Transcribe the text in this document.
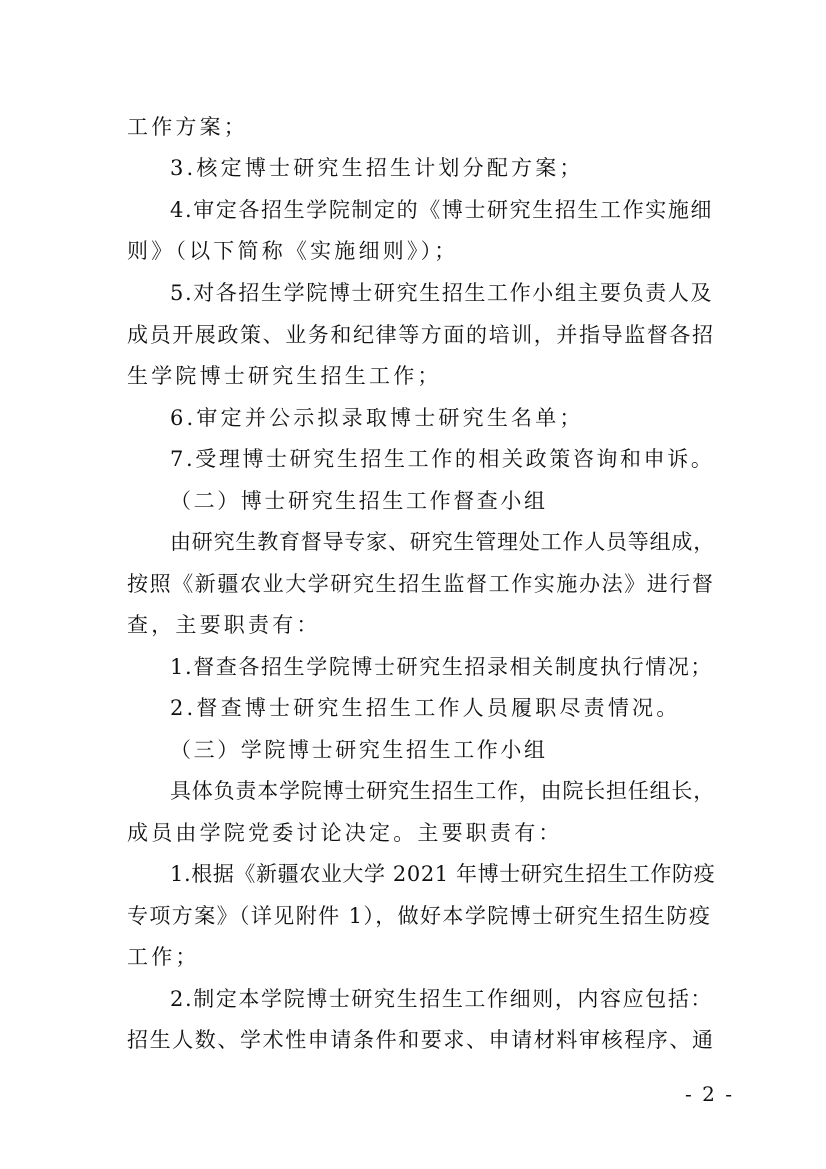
工作方案；
3.核定博士研究生招生计划分配方案；
4.审定各招生学院制定的《博士研究生招生工作实施细
则》（以下简称《实施细则》）；
5.对各招生学院博士研究生招生工作小组主要负责人及
成员开展政策、业务和纪律等方面的培训，并指导监督各招
生学院博士研究生招生工作；
6.审定并公示拟录取博士研究生名单；
7.受理博士研究生招生工作的相关政策咨询和申诉。
（二）博士研究生招生工作督查小组
由研究生教育督导专家、研究生管理处工作人员等组成，
按照《新疆农业大学研究生招生监督工作实施办法》进行督
查，主要职责有：
1.督查各招生学院博士研究生招录相关制度执行情况；
2.督查博士研究生招生工作人员履职尽责情况。
（三）学院博士研究生招生工作小组
具体负责本学院博士研究生招生工作，由院长担任组长，
成员由学院党委讨论决定。主要职责有：
1.根据《新疆农业大学 2021 年博士研究生招生工作防疫
专项方案》（详见附件 1），做好本学院博士研究生招生防疫
工作；
2.制定本学院博士研究生招生工作细则，内容应包括：
招生人数、学术性申请条件和要求、申请材料审核程序、通
- 2 -
